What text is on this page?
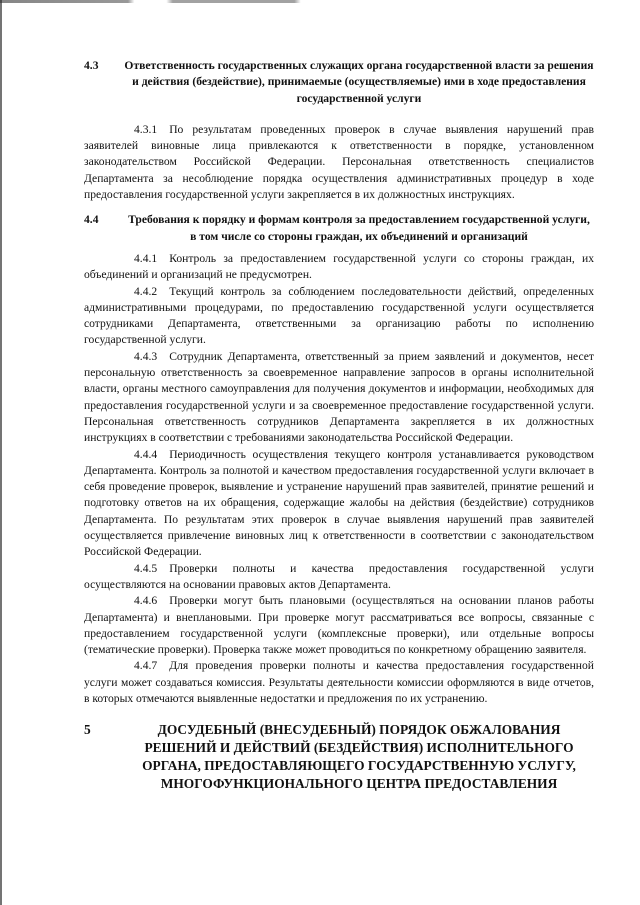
4.3	Ответственность государственных служащих органа государственной власти за решения и действия (бездействие), принимаемые (осуществляемые) ими в ходе предоставления государственной услуги

4.3.1 По результатам проведенных проверок в случае выявления нарушений прав заявителей виновные лица привлекаются к ответственности в порядке, установленном законодательством Российской Федерации. Персональная ответственность специалистов Департамента за несоблюдение порядка осуществления административных процедур в ходе предоставления государственной услуги закрепляется в их должностных инструкциях.

4.4	Требования к порядку и формам контроля за предоставлением государственной услуги, в том числе со стороны граждан, их объединений и организаций

4.4.1 Контроль за предоставлением государственной услуги со стороны граждан, их объединений и организаций не предусмотрен.

4.4.2 Текущий контроль за соблюдением последовательности действий, определенных административными процедурами, по предоставлению государственной услуги осуществляется сотрудниками Департамента, ответственными за организацию работы по исполнению государственной услуги.

4.4.3 Сотрудник Департамента, ответственный за прием заявлений и документов, несет персональную ответственность за своевременное направление запросов в органы исполнительной власти, органы местного самоуправления для получения документов и информации, необходимых для предоставления государственной услуги и за своевременное предоставление государственной услуги. Персональная ответственность сотрудников Департамента закрепляется в их должностных инструкциях в соответствии с требованиями законодательства Российской Федерации.

4.4.4 Периодичность осуществления текущего контроля устанавливается руководством Департамента. Контроль за полнотой и качеством предоставления государственной услуги включает в себя проведение проверок, выявление и устранение нарушений прав заявителей, принятие решений и подготовку ответов на их обращения, содержащие жалобы на действия (бездействие) сотрудников Департамента. По результатам этих проверок в случае выявления нарушений прав заявителей осуществляется привлечение виновных лиц к ответственности в соответствии с законодательством Российской Федерации.

4.4.5 Проверки полноты и качества предоставления государственной услуги осуществляются на основании правовых актов Департамента.

4.4.6 Проверки могут быть плановыми (осуществляться на основании планов работы Департамента) и внеплановыми. При проверке могут рассматриваться все вопросы, связанные с предоставлением государственной услуги (комплексные проверки), или отдельные вопросы (тематические проверки). Проверка также может проводиться по конкретному обращению заявителя.

4.4.7 Для проведения проверки полноты и качества предоставления государственной услуги может создаваться комиссия. Результаты деятельности комиссии оформляются в виде отчетов, в которых отмечаются выявленные недостатки и предложения по их устранению.

5	ДОСУДЕБНЫЙ (ВНЕСУДЕБНЫЙ) ПОРЯДОК ОБЖАЛОВАНИЯ РЕШЕНИЙ И ДЕЙСТВИЙ (БЕЗДЕЙСТВИЯ) ИСПОЛНИТЕЛЬНОГО ОРГАНА, ПРЕДОСТАВЛЯЮЩЕГО ГОСУДАРСТВЕННУЮ УСЛУГУ, МНОГОФУНКЦИОНАЛЬНОГО ЦЕНТРА ПРЕДОСТАВЛЕНИЯ
